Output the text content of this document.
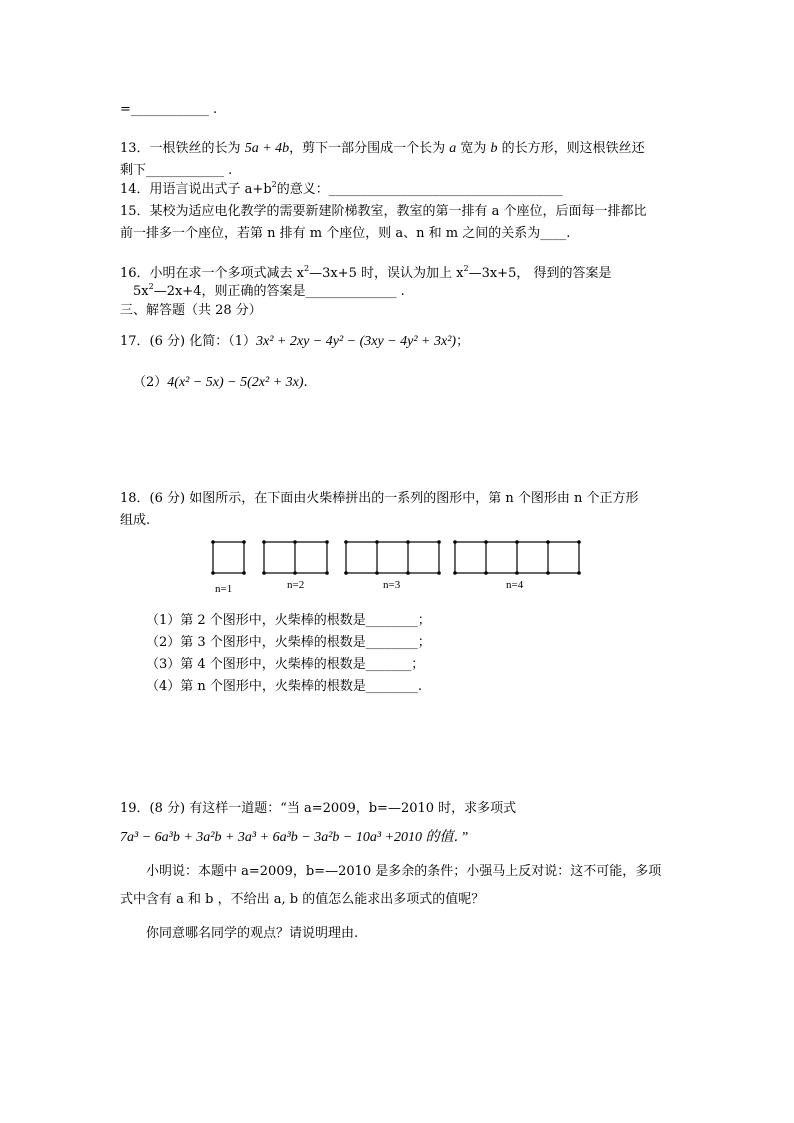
=____________ .
13．一根铁丝的长为 5a + 4b，剪下一部分围成一个长为 a 宽为 b 的长方形，则这根铁丝还
剩下____________ .
14．用语言说出式子 $a+b^2$的意义：____________________________________
15．某校为适应电化教学的需要新建阶梯教室，教室的第一排有 a 个座位，后面每一排都比
前一排多一个座位，若第 n 排有 m 个座位，则 a、n 和 m 之间的关系为____.
16．小明在求一个多项式减去 $x^2—3x+5$ 时，误认为加上 $x^2—3x+5$， 得到的答案是
$5x^2—2x+4$，则正确的答案是______________ .
三、解答题（共 28 分）
17．(6 分) 化简：（1）3x² + 2xy − 4y² − (3xy − 4y² + 3x²)；
（2）4(x² − 5x) − 5(2x² + 3x).
18．(6 分) 如图所示，在下面由火柴棒拼出的一系列的图形中，第 n 个图形由 n 个正方形
组成.
n=1	n=2	n=3	n=4
（1）第 2 个图形中，火柴棒的根数是________；
（2）第 3 个图形中，火柴棒的根数是________；
（3）第 4 个图形中，火柴棒的根数是_______；
（4）第 n 个图形中，火柴棒的根数是________.
19．(8 分) 有这样一道题：“当 a=2009，b=—2010 时，求多项式
7a³ − 6a³b + 3a²b + 3a³ + 6a³b − 3a²b − 10a³ +2010 的值．”
小明说：本题中 a=2009，b=—2010 是多余的条件；小强马上反对说：这不可能，多项
式中含有 a 和 b ，不给出 a, b 的值怎么能求出多项式的值呢？
你同意哪名同学的观点？请说明理由.
